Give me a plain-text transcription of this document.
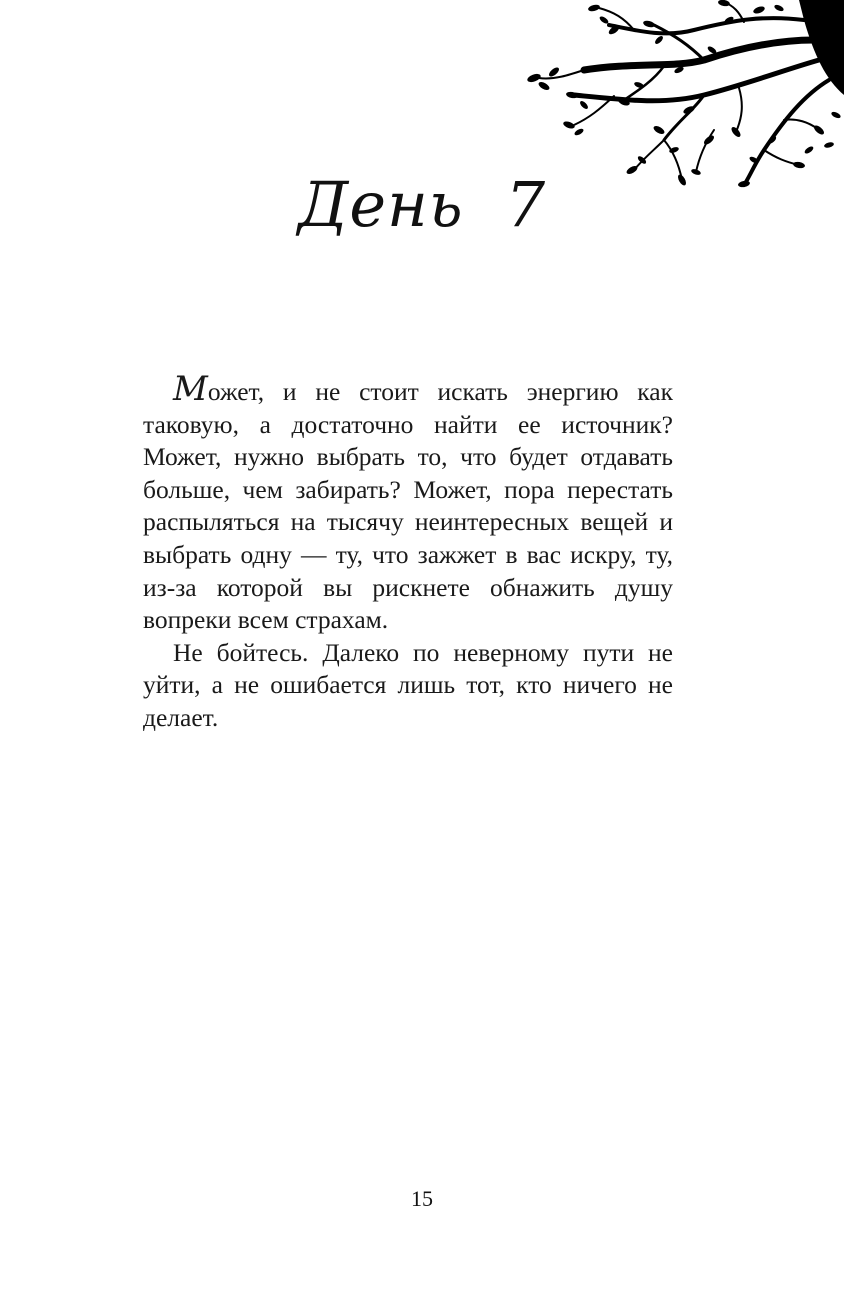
День 7

Может, и не стоит искать энергию как таковую, а достаточно найти ее источник? Может, нужно выбрать то, что будет отдавать больше, чем забирать? Может, пора перестать распыляться на тысячу неинтересных вещей и выбрать одну — ту, что зажжет в вас искру, ту, из-за которой вы рискнете обнажить душу вопреки всем страхам.

Не бойтесь. Далеко по неверному пути не уйти, а не ошибается лишь тот, кто ничего не делает.

15
